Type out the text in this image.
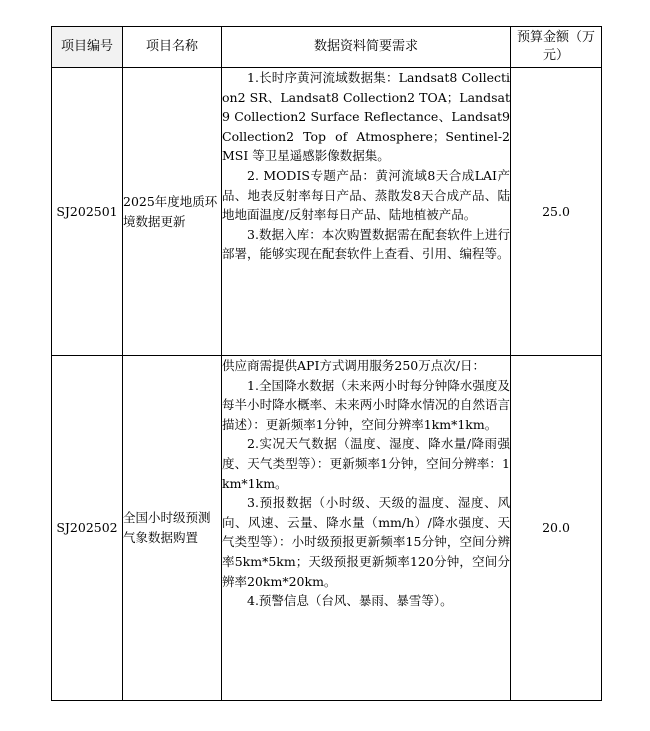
项目编号	项目名称	数据资料简要需求	预算金额（万元）
SJ202501	2025年度地质环境数据更新	1.长时序黄河流域数据集：Landsat8 Collection2 SR、Landsat8 Collection2 TOA；Landsat9 Collection2 Surface Reflectance、Landsat9 Collection2 Top of Atmosphere；Sentinel-2 MSI 等卫星遥感影像数据集。
2. MODIS专题产品：黄河流域8天合成LAI产品、地表反射率每日产品、蒸散发8天合成产品、陆地地面温度/反射率每日产品、陆地植被产品。
3.数据入库：本次购置数据需在配套软件上进行部署，能够实现在配套软件上查看、引用、编程等。	25.0
SJ202502	全国小时级预测气象数据购置	供应商需提供API方式调用服务250万点次/日：
1.全国降水数据（未来两小时每分钟降水强度及每半小时降水概率、未来两小时降水情况的自然语言描述）：更新频率1分钟，空间分辨率1km*1km。
2.实况天气数据（温度、湿度、降水量/降雨强度、天气类型等）：更新频率1分钟，空间分辨率：1km*1km。
3.预报数据（小时级、天级的温度、湿度、风向、风速、云量、降水量（mm/h）/降水强度、天气类型等）：小时级预报更新频率15分钟，空间分辨率5km*5km；天级预报更新频率120分钟，空间分辨率20km*20km。
4.预警信息（台风、暴雨、暴雪等）。	20.0
